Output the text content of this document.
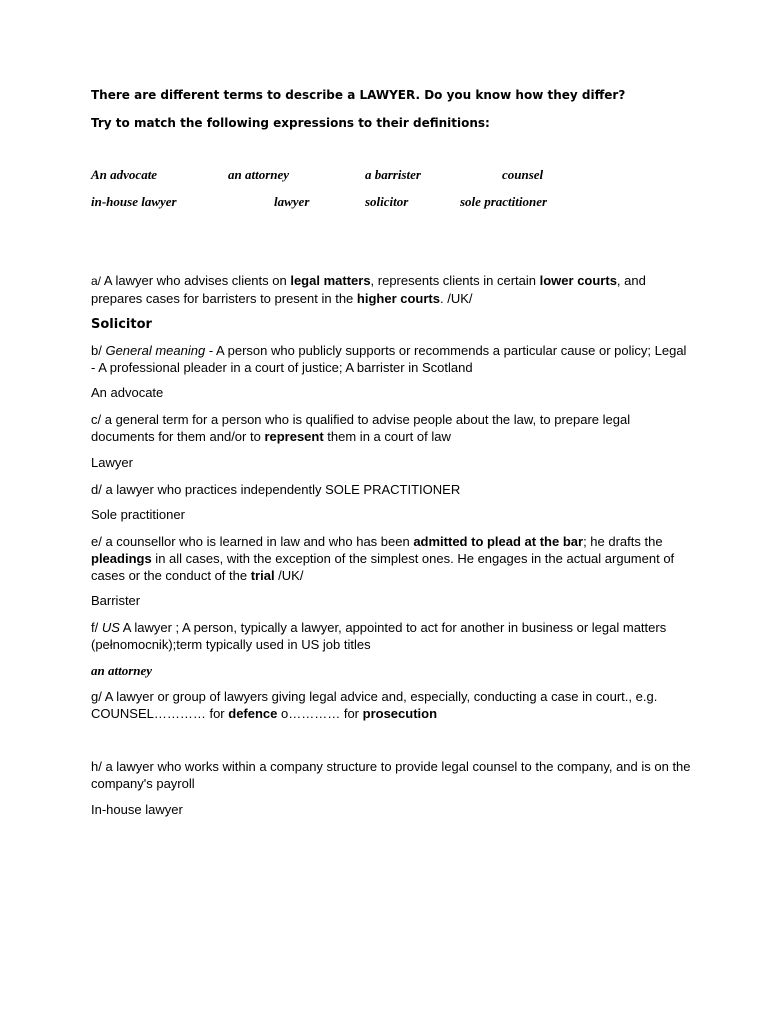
There are different terms to describe a LAWYER. Do you know how they differ?
Try to match the following expressions to their definitions:
An advocate	an attorney	a barrister	counsel
in-house lawyer	lawyer	solicitor	sole practitioner
a/ A lawyer who advises clients on legal matters, represents clients in certain lower courts, and prepares cases for barristers to present in the higher courts. /UK/
Solicitor
b/ General meaning - A person who publicly supports or recommends a particular cause or policy; Legal - A professional pleader in a court of justice; A barrister in Scotland
An advocate
c/ a general term for a person who is qualified to advise people about the law, to prepare legal documents for them and/or to represent them in a court of law
Lawyer
d/ a lawyer who practices independently SOLE PRACTITIONER
Sole practitioner
e/ a counsellor who is learned in law and who has been admitted to plead at the bar; he drafts the pleadings in all cases, with the exception of the simplest ones. He engages in the actual argument of cases or the conduct of the trial /UK/
Barrister
f/ US A lawyer ; A person, typically a lawyer, appointed to act for another in business or legal matters (pełnomocnik);term typically used in US job titles
an attorney
g/ A lawyer or group of lawyers giving legal advice and, especially, conducting a case in court., e.g. COUNSEL………… for defence o………… for prosecution
h/ a lawyer who works within a company structure to provide legal counsel to the company, and is on the company's payroll
In-house lawyer
